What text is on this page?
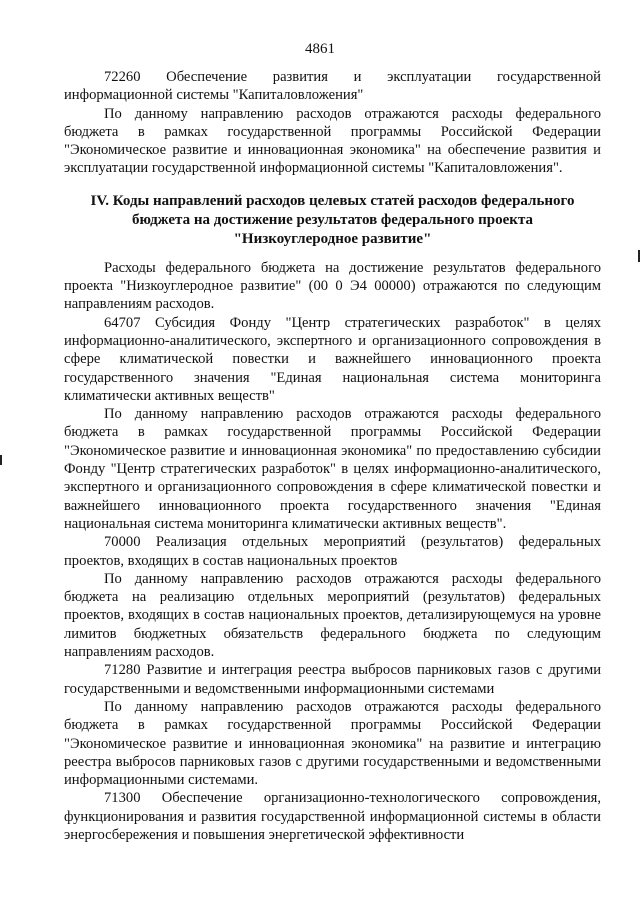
4861

72260 Обеспечение развития и эксплуатации государственной информационной системы "Капиталовложения"

По данному направлению расходов отражаются расходы федерального бюджета в рамках государственной программы Российской Федерации "Экономическое развитие и инновационная экономика" на обеспечение развития и эксплуатации государственной информационной системы "Капиталовложения".

IV. Коды направлений расходов целевых статей расходов федерального бюджета на достижение результатов федерального проекта "Низкоуглеродное развитие"

Расходы федерального бюджета на достижение результатов федерального проекта "Низкоуглеродное развитие" (00 0 Э4 00000) отражаются по следующим направлениям расходов.

64707 Субсидия Фонду "Центр стратегических разработок" в целях информационно-аналитического, экспертного и организационного сопровождения в сфере климатической повестки и важнейшего инновационного проекта государственного значения "Единая национальная система мониторинга климатически активных веществ"

По данному направлению расходов отражаются расходы федерального бюджета в рамках государственной программы Российской Федерации "Экономическое развитие и инновационная экономика" по предоставлению субсидии Фонду "Центр стратегических разработок" в целях информационно-аналитического, экспертного и организационного сопровождения в сфере климатической повестки и важнейшего инновационного проекта государственного значения "Единая национальная система мониторинга климатически активных веществ".

70000 Реализация отдельных мероприятий (результатов) федеральных проектов, входящих в состав национальных проектов

По данному направлению расходов отражаются расходы федерального бюджета на реализацию отдельных мероприятий (результатов) федеральных проектов, входящих в состав национальных проектов, детализирующемуся на уровне лимитов бюджетных обязательств федерального бюджета по следующим направлениям расходов.

71280 Развитие и интеграция реестра выбросов парниковых газов с другими государственными и ведомственными информационными системами

По данному направлению расходов отражаются расходы федерального бюджета в рамках государственной программы Российской Федерации "Экономическое развитие и инновационная экономика" на развитие и интеграцию реестра выбросов парниковых газов с другими государственными и ведомственными информационными системами.

71300 Обеспечение организационно-технологического сопровождения, функционирования и развития государственной информационной системы в области энергосбережения и повышения энергетической эффективности
